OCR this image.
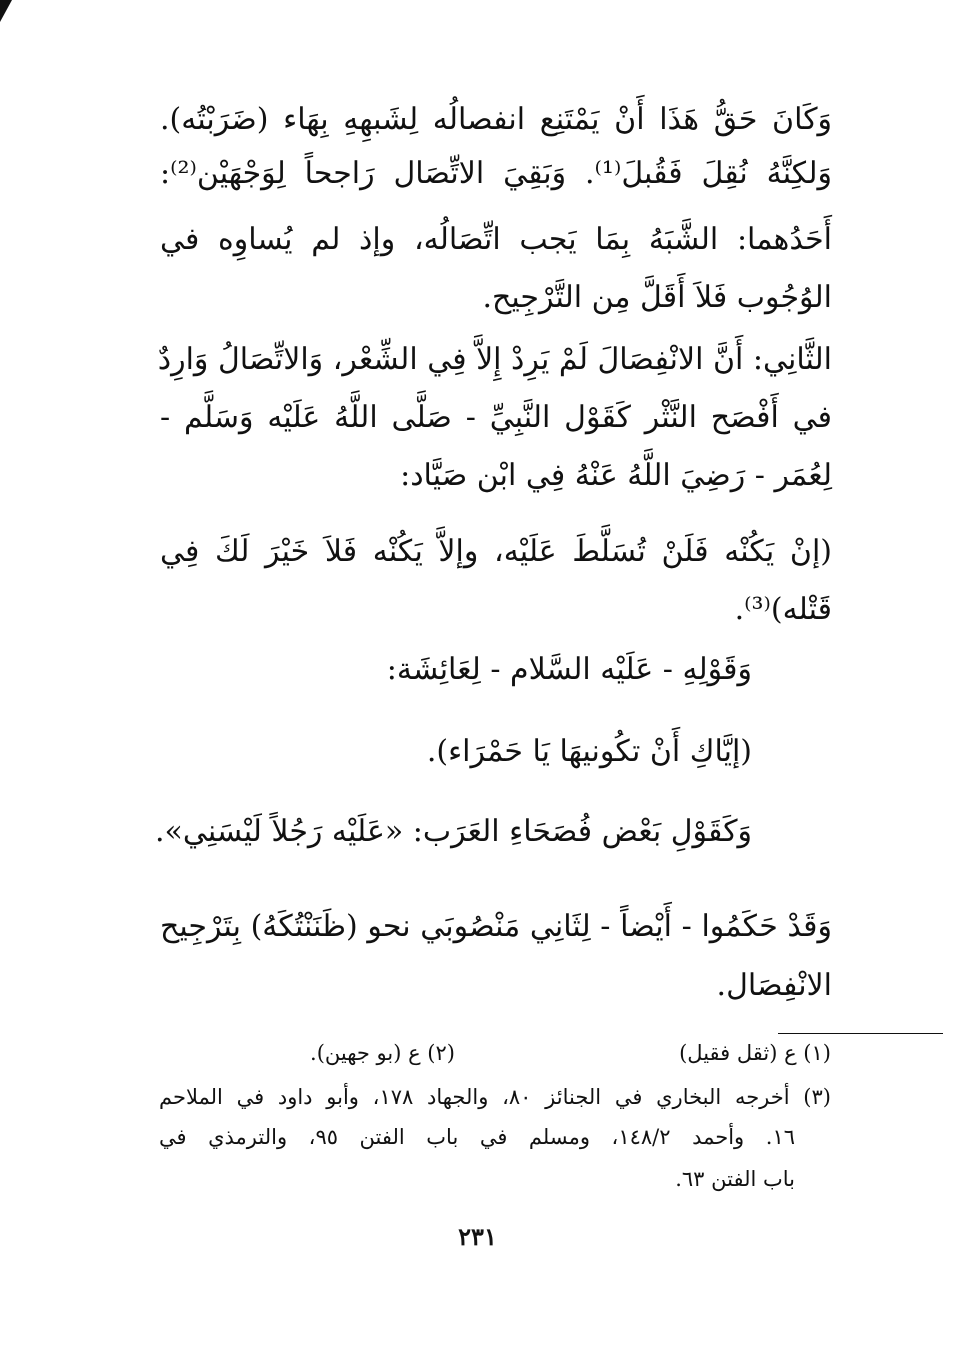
وَكَانَ حَقُّ هَذَا أَنْ يَمْتَنِع انفصالُه لِشَبهِهِ بِهَاء (ضَرَبْتُه).
وَلكِنَّهُ نُقِلَ فَقُبلَ⁽¹⁾. وَبَقِيَ الاتِّصَال رَاجحاً لِوَجْهَيْن⁽²⁾:
أَحَدُهما: الشَّبَهُ بِمَا يَجب اتِّصَالُه، وإذ لم يُساوِه في
الوُجُوب فَلاَ أَقَلَّ مِن التَّرْجِيح.
الثَّانِي: أَنَّ الانْفِصَالَ لَمْ يَرِدْ إِلاَّ فِي الشِّعْر، وَالاتِّصَالُ وَارِدٌ
في أَفْصَح النَّثْر كَقَوْل النَّبِيِّ - صَلَّى اللَّهُ عَلَيْه وَسَلَّم -
لِعُمَر - رَضِيَ اللَّهُ عَنْهُ فِي ابْن صَيَّاد:
(إنْ يَكُنْه فَلَنْ تُسَلَّطَ عَلَيْه، وإلاَّ يَكُنْه فَلاَ خَيْرَ لَكَ فِي
قَتْله)⁽³⁾.
وَقَوْلِهِ - عَلَيْه السَّلام - لِعَائِشَة:
(إيَّاكِ أَنْ تكُونيهَا يَا حَمْرَاء).
وَكَقَوْلِ بَعْض فُصَحَاءِ العَرَب: «عَلَيْه رَجُلاً لَيْسَنِي».
وَقَدْ حَكَمُوا - أَيْضاً - لِثَانِي مَنْصُوبَي نحو (ظَنَنْتُكَهُ) بِتَرْجِيح
الانْفِصَال.
(١) ع (ثقل فقيل)
(٢) ع (بو جهين).
(٣) أخرجه البخاري في الجنائز ٨٠، والجهاد ١٧٨، وأبو داود في الملاحم
١٦. وأحمد ١٤٨/٢، ومسلم في باب الفتن ٩٥، والترمذي في
باب الفتن ٦٣.
٢٣١
